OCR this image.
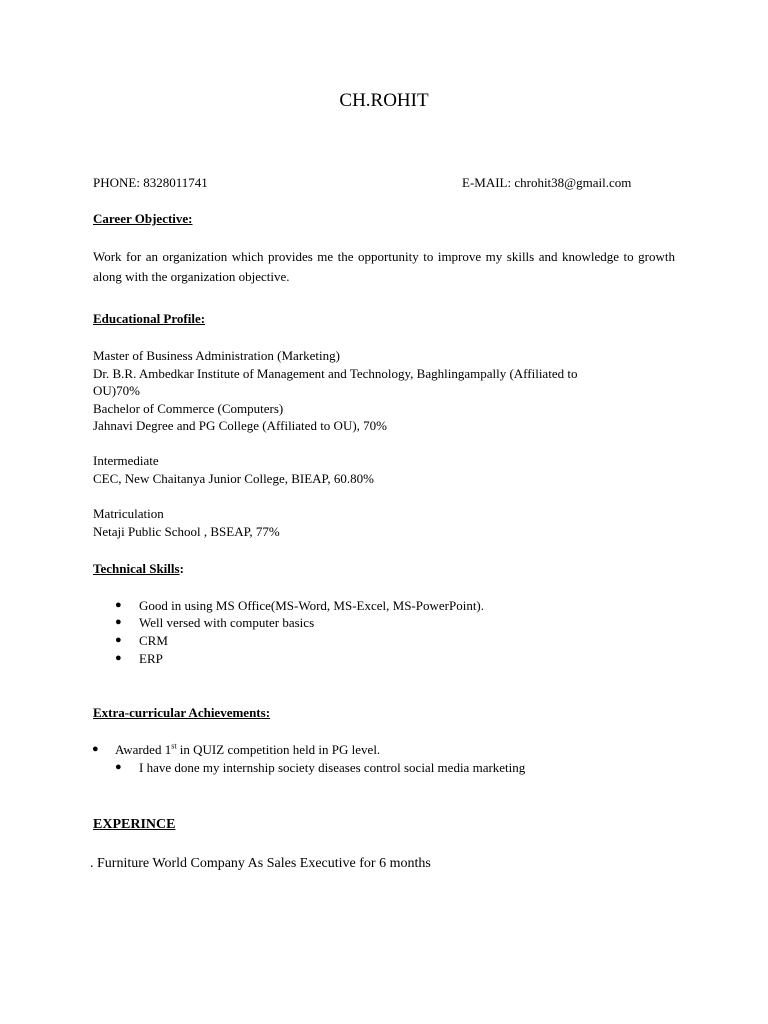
CH.ROHIT
PHONE: 8328011741	E-MAIL: chrohit38@gmail.com
Career Objective:
Work for an organization which provides me the opportunity to improve my skills and knowledge to growth along with the organization objective.
Educational Profile:
Master of Business Administration (Marketing)
Dr. B.R. Ambedkar Institute of Management and Technology, Baghlingampally (Affiliated to
OU)70%
Bachelor of Commerce (Computers)
Jahnavi Degree and PG College (Affiliated to OU), 70%
Intermediate
CEC, New Chaitanya Junior College, BIEAP, 60.80%
Matriculation
Netaji Public School , BSEAP, 77%
Technical Skills:
● Good in using MS Office(MS-Word, MS-Excel, MS-PowerPoint).
● Well versed with computer basics
● CRM
● ERP
Extra-curricular Achievements:
● Awarded 1st in QUIZ competition held in PG level.
● I have done my internship society diseases control social media marketing
EXPERINCE
. Furniture World Company As Sales Executive for 6 months
